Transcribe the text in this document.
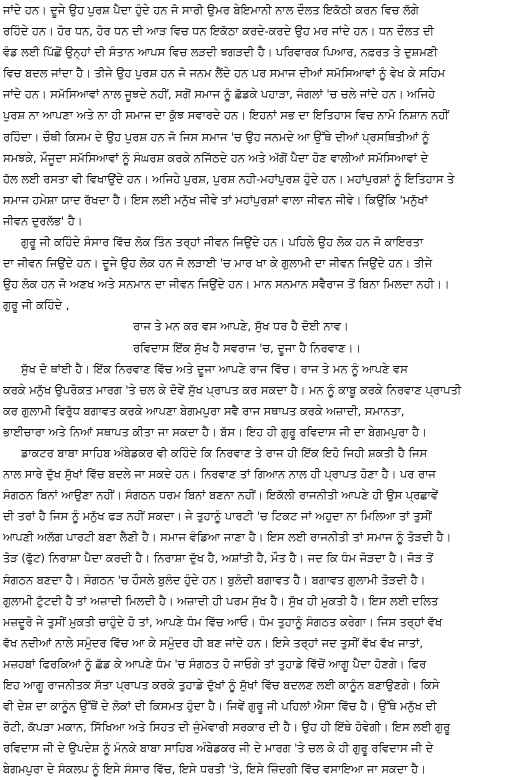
ਜਾਂਦੇ ਹਨ। ਦੂਜੇ ਉਹ ਪੁਰਸ਼ ਪੈਦਾ ਹੁੰਦੇ ਹਨ ਜੋ ਸਾਰੀ ਉਮਰ ਬੇਇਮਾਨੀ ਨਾਲ ਦੌਲਤ ਇਕੱਠੀ ਕਰਨ ਵਿਚ ਲੱਗੇ
ਰਹਿੰਦੇ ਹਨ। ਹੋਰ ਧਨ, ਹੋਰ ਧਨ ਦੀ ਆੜ ਵਿਚ ਧਨ ਇਕੱਠਾ ਕਰਦੇ-ਕਰਦੇ ਉਹ ਮਰ ਜਾਂਦੇ ਹਨ। ਧਨ ਦੌਲਤ ਦੀ
ਵੰਡ ਲਈ ਪਿੱਛੋਂ ਉਨ੍ਹਾਂ ਦੀ ਸੰਤਾਨ ਆਪਸ ਵਿਚ ਲੜਦੀ ਝਗੜਦੀ ਹੈ। ਪਰਿਵਾਰਕ ਪਿਆਰ, ਨਫ਼ਰਤ ਤੇ ਦੁਸ਼ਮਣੀ
ਵਿਚ ਬਦਲ ਜਾਂਦਾ ਹੈ। ਤੀਜੇ ਉਹ ਪੁਰਸ਼ ਹਨ ਜੋ ਜਨਮ ਲੈਂਦੇ ਹਨ ਪਰ ਸਮਾਜ ਦੀਆਂ ਸਮੱਸਿਆਵਾਂ ਨੂੰ ਵੇਖ ਕੇ ਸਹਿਮ
ਜਾਂਦੇ ਹਨ। ਸਮੱਸਿਆਵਾਂ ਨਾਲ ਜੂਝਦੇ ਨਹੀਂ, ਸਗੋਂ ਸਮਾਜ ਨੂੰ ਛੱਡਕੇ ਪਹਾੜਾ, ਜੰਗਲਾਂ 'ਚ ਚਲੇ ਜਾਂਦੇ ਹਨ। ਅਜਿਹੇ
ਪੁਰਸ਼ ਨਾ ਆਪਣਾ ਅਤੇ ਨਾ ਹੀ ਸਮਾਜ ਦਾ ਕੁੱਝ ਸਵਾਰਦੇ ਹਨ। ਇਹਨਾਂ ਸਭ ਦਾ ਇਤਿਹਾਸ ਵਿਚ ਨਾਮੋ ਨਿਸ਼ਾਨ ਨਹੀਂ
ਰਹਿੰਦਾ। ਚੌਥੀ ਕਿਸਮ ਦੇ ਉਹ ਪੁਰਸ਼ ਹਨ ਜੋ ਜਿਸ ਸਮਾਜ 'ਚ ਉਹ ਜਨਮਦੇ ਆ ਉੱਥੇ ਦੀਆਂ ਪ੍ਰਸਥਿਤੀਆਂ ਨੂੰ
ਸਮਝਕੇ, ਮੌਜੂਦਾ ਸਮੱਸਿਆਵਾਂ ਨੂੰ ਸੰਘਰਸ਼ ਕਰਕੇ ਨਜਿੱਠਦੇ ਹਨ ਅਤੇ ਅੱਗੋਂ ਪੈਦਾ ਹੋਣ ਵਾਲੀਆਂ ਸਮੱਸਿਆਵਾਂ ਦੇ
ਹੱਲ ਲਈ ਰਸਤਾ ਵੀ ਵਿਖਾਉਂਦੇ ਹਨ। ਅਜਿਹੇ ਪੁਰਸ਼, ਪੁਰਸ਼ ਨਹੀ-ਮਹਾਂਪੁਰਸ਼ ਹੁੰਦੇ ਹਨ। ਮਹਾਂਪੁਰਸ਼ਾਂ ਨੂੰ ਇਤਿਹਾਸ ਤੇ
ਸਮਾਜ ਹਮੇਸ਼ਾ ਯਾਦ ਰੱਖਦਾ ਹੈ। ਇਸ ਲਈ ਮਨੁੱਖ ਜੀਵੇ ਤਾਂ ਮਹਾਂਪੁਰਸ਼ਾਂ ਵਾਲਾ ਜੀਵਨ ਜੀਵੇ। ਕਿਉਂਕਿ 'ਮਨੁੱਖਾਂ
ਜੀਵਨ ਦੁਰਲੱਭ' ਹੈ।
ਗੁਰੂ ਜੀ ਕਹਿੰਦੇ ਸੰਸਾਰ ਵਿੱਚ ਲੋਕ ਤਿੰਨ ਤਰ੍ਹਾਂ ਜੀਵਨ ਜਿਉਂਦੇ ਹਨ। ਪਹਿਲੇ ਉਹ ਲੋਕ ਹਨ ਜੋ ਕਾਇਰਤਾ
ਦਾ ਜੀਵਨ ਜਿਉਂਦੇ ਹਨ। ਦੂਜੇ ਉਹ ਲੋਕ ਹਨ ਜੋ ਲੜਾਈ 'ਚ ਮਾਰ ਖਾ ਕੇ ਗੁਲਾਮੀ ਦਾ ਜੀਵਨ ਜਿਉਂਦੇ ਹਨ। ਤੀਜੇ
ਉਹ ਲੋਕ ਹਨ ਜੋ ਅਣਖ ਅਤੇ ਸਨਮਾਨ ਦਾ ਜੀਵਨ ਜਿਉਂਦੇ ਹਨ। ਮਾਨ ਸਨਮਾਨ ਸਵੈਰਾਜ ਤੋਂ ਬਿਨਾ ਮਿਲਦਾ ਨਹੀ।।
ਗੁਰੂ ਜੀ ਕਹਿੰਦੇ ,
ਰਾਜ ਤੇ ਮਨ ਕਰ ਵਸ ਆਪਣੇ, ਸੁੱਖ ਧਰ ਹੈ ਦੋਈ ਨਾਵ।
ਰਵਿਦਾਸ ਇੱਕ ਸੁੱਖ ਹੈ ਸਵਰਾਜ 'ਚ, ਦੂਜਾ ਹੈ ਨਿਰਵਾਣ।।
ਸੁੱਖ ਦੋ ਥਾਂਈ ਹੈ। ਇੱਕ ਨਿਰਵਾਣ ਵਿੱਚ ਅਤੇ ਦੂਜਾ ਆਪਣੇ ਰਾਜ ਵਿੱਚ। ਰਾਜ ਤੇ ਮਨ ਨੂੰ ਆਪਣੇ ਵਸ
ਕਰਕੇ ਮਨੁੱਖ ਉਪਰੋਕਤ ਮਾਰਗ 'ਤੇ ਚਲ ਕੇ ਦੋਵੇਂ ਸੁੱਖ ਪ੍ਰਾਪਤ ਕਰ ਸਕਦਾ ਹੈ। ਮਨ ਨੂੰ ਕਾਬੂ ਕਰਕੇ ਨਿਰਵਾਣ ਪ੍ਰਾਪਤੀ
ਕਰ ਗੁਲਾਮੀ ਵਿਰੁੱਧ ਬਗਾਵਤ ਕਰਕੇ ਆਪਣਾ ਬੇਗਮਪੁਰਾ ਸਵੈ ਰਾਜ ਸਥਾਪਤ ਕਰਕੇ ਅਜ਼ਾਦੀ, ਸਮਾਨਤਾ,
ਭਾਈਚਾਰਾ ਅਤੇ ਨਿਆਂ ਸਥਾਪਤ ਕੀਤਾ ਜਾ ਸਕਦਾ ਹੈ। ਬੱਸ। ਇਹ ਹੀ ਗੁਰੂ ਰਵਿਦਾਸ ਜੀ ਦਾ ਬੇਗਮਪੁਰਾ ਹੈ।
ਡਾਕਟਰ ਬਾਬਾ ਸਾਹਿਬ ਅੰਬੇਡਕਰ ਵੀ ਕਹਿੰਦੇ ਕਿ ਨਿਰਵਾਣ ਤੇ ਰਾਜ ਹੀ ਇੱਕ ਇਹੋ ਜਿਹੀ ਸ਼ਕਤੀ ਹੈ ਜਿਸ
ਨਾਲ ਸਾਰੇ ਦੁੱਖ ਸੁੱਖਾਂ ਵਿੱਚ ਬਦਲੇ ਜਾ ਸਕਦੇ ਹਨ। ਨਿਰਵਾਣ ਤਾਂ ਗਿਆਨ ਨਾਲ ਹੀ ਪ੍ਰਾਪਤ ਹੋਣਾ ਹੈ। ਪਰ ਰਾਜ
ਸੰਗਠਨ ਬਿਨਾਂ ਆਉਣਾ ਨਹੀਂ। ਸੰਗਠਨ ਧਰਮ ਬਿਨਾਂ ਬਣਨਾ ਨਹੀਂ। ਇਕੱਲੀ ਰਾਜਨੀਤੀ ਆਪਣੇ ਹੀ ਉਸ ਪ੍ਰਛਾਵੇਂ
ਦੀ ਤਰਾਂ ਹੈ ਜਿਸ ਨੂੰ ਮਨੁੱਖ ਫੜ ਨਹੀਂ ਸਕਦਾ। ਜੇ ਤੁਹਾਨੂੰ ਪਾਰਟੀ 'ਚ ਟਿਕਟ ਜਾਂ ਅਹੁਦਾ ਨਾ ਮਿਲਿਆ ਤਾਂ ਤੁਸੀਂ
ਆਪਣੀ ਅਲੱਗ ਪਾਰਟੀ ਬਣਾ ਲੈਣੀ ਹੈ। ਸਮਾਜ ਵੰਡਿਆ ਜਾਣਾ ਹੈ। ਇਸ ਲਈ ਰਾਜਨੀਤੀ ਤਾਂ ਸਮਾਜ ਨੂੰ ਤੋੜਦੀ ਹੈ।
ਤੋੜ (ਫੁੱਟ) ਨਿਰਾਸ਼ਾ ਪੈਦਾ ਕਰਦੀ ਹੈ। ਨਿਰਾਸ਼ਾ ਦੁੱਖ ਹੈ, ਅਸ਼ਾਂਤੀ ਹੈ, ਮੌਤ ਹੈ। ਜਦ ਕਿ ਧੰਮ ਜੋੜਦਾ ਹੈ। ਜੋੜ ਤੋਂ
ਸੰਗਠਨ ਬਣਦਾ ਹੈ। ਸੰਗਠਨ 'ਚ ਹੌਸਲੇ ਬੁਲੰਦ ਹੁੰਦੇ ਹਨ। ਬੁਲੰਦੀ ਬਗਾਵਤ ਹੈ। ਬਗਾਵਤ ਗੁਲਾਮੀ ਤੋੜਦੀ ਹੈ।
ਗੁਲਾਮੀ ਟੁੱਟਦੀ ਹੈ ਤਾਂ ਅਜ਼ਾਦੀ ਮਿਲਦੀ ਹੈ। ਅਜ਼ਾਦੀ ਹੀ ਪਰਮ ਸੁੱਖ ਹੈ। ਸੁੱਖ ਹੀ ਮੁਕਤੀ ਹੈ। ਇਸ ਲਈ ਦਲਿਤ
ਮਜ਼ਦੂਰੋ ਜੇ ਤੁਸੀਂ ਮੁਕਤੀ ਚਾਹੁੰਦੇ ਹੋ ਤਾਂ, ਆਪਣੇ ਧੰਮ ਵਿੱਚ ਆਓ। ਧੰਮ ਤੁਹਾਨੂੰ ਸੰਗਠਤ ਕਰੇਗਾ। ਜਿਸ ਤਰ੍ਹਾਂ ਵੱਖ
ਵੱਖ ਨਦੀਆਂ ਨਾਲੇ ਸਮੁੰਦਰ ਵਿੱਚ ਆ ਕੇ ਸਮੁੰਦਰ ਹੀ ਬਣ ਜਾਂਦੇ ਹਨ। ਇਸੇ ਤਰ੍ਹਾਂ ਜਦ ਤੁਸੀਂ ਵੱਖ ਵੱਖ ਜਾਤਾਂ,
ਮਜ਼ਹਬਾਂ ਫਿਰਕਿਆਂ ਨੂੰ ਛੱਡ ਕੇ ਆਪਣੇ ਧੰਮ 'ਚ ਸੰਗਠਤ ਹੋ ਜਾਓਗੇ ਤਾਂ ਤੁਹਾਡੇ ਵਿੱਚੋਂ ਆਗੂ ਪੈਦਾ ਹੋਣਗੇ। ਫਿਰ
ਇਹ ਆਗੂ ਰਾਜਨੀਤਕ ਸੱਤਾ ਪ੍ਰਾਪਤ ਕਰਕੇ ਤੁਹਾਡੇ ਦੁੱਖਾਂ ਨੂੰ ਸੁੱਖਾਂ ਵਿੱਚ ਬਦਲਣ ਲਈ ਕਾਨੂੰਨ ਬਣਾਉਣਗੇ। ਕਿਸੇ
ਵੀ ਦੇਸ਼ ਦਾ ਕਾਨੂੰਨ ਉੱਥੋਂ ਦੇ ਲੋਕਾਂ ਦੀ ਕਿਸਮਤ ਹੁੰਦਾ ਹੈ। ਜਿਵੇਂ ਗੁਰੂ ਜੀ ਪਹਿਲਾਂ ਐਸਾ ਵਿੱਚ ਹੈ। ਉੱਥੇ ਮਨੁੱਖ ਦੀ
ਰੋਟੀ, ਕੱਪੜਾ ਮਕਾਨ, ਸਿੱਖਿਆ ਅਤੇ ਸਿਹਤ ਦੀ ਜੁੰਮੇਵਾਰੀ ਸਰਕਾਰ ਦੀ ਹੈ। ਉਹ ਹੀ ਇੱਥੇ ਹੋਵੇਗੀ। ਇਸ ਲਈ ਗੁਰੂ
ਰਵਿਦਾਸ ਜੀ ਦੇ ਉਪਦੇਸ਼ ਨੂੰ ਮੰਨਕੇ ਬਾਬਾ ਸਾਹਿਬ ਅੰਬੇਡਕਰ ਜੀ ਦੇ ਮਾਰਗ 'ਤੇ ਚਲ ਕੇ ਹੀ ਗੁਰੂ ਰਵਿਦਾਸ ਜੀ ਦੇ
ਬੇਗਮਪੁਰਾ ਦੇ ਸੰਕਲਪ ਨੂੰ ਇਸੇ ਸੰਸਾਰ ਵਿੱਚ, ਇਸੇ ਧਰਤੀ 'ਤੇ, ਇਸੇ ਜ਼ਿੰਦਗੀ ਵਿੱਚ ਵਸਾਇਆ ਜਾ ਸਕਦਾ ਹੈ।
